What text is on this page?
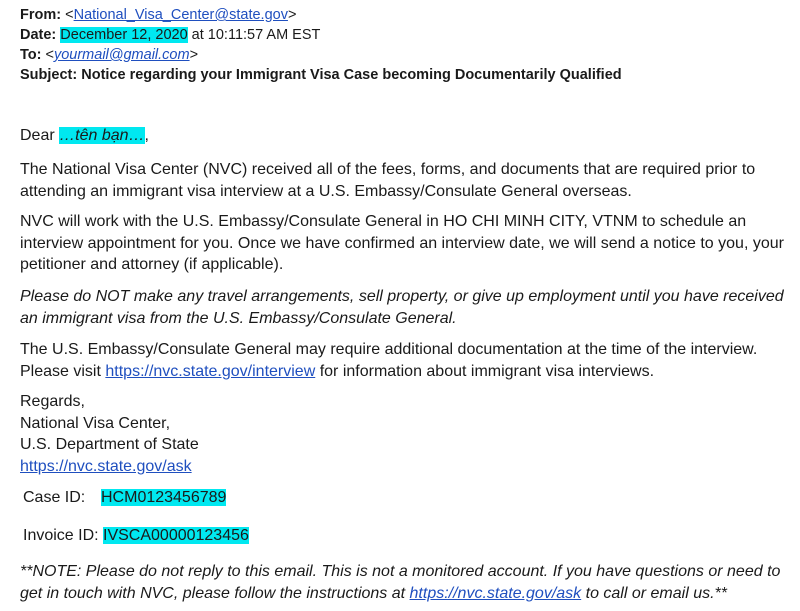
From: <National_Visa_Center@state.gov>
Date: December 12, 2020 at 10:11:57 AM EST
To: <yourmail@gmail.com>
Subject: Notice regarding your Immigrant Visa Case becoming Documentarily Qualified

Dear …tên bạn…,

The National Visa Center (NVC) received all of the fees, forms, and documents that are required prior to attending an immigrant visa interview at a U.S. Embassy/Consulate General overseas.

NVC will work with the U.S. Embassy/Consulate General in HO CHI MINH CITY, VTNM to schedule an interview appointment for you. Once we have confirmed an interview date, we will send a notice to you, your petitioner and attorney (if applicable).

Please do NOT make any travel arrangements, sell property, or give up employment until you have received an immigrant visa from the U.S. Embassy/Consulate General.

The U.S. Embassy/Consulate General may require additional documentation at the time of the interview. Please visit https://nvc.state.gov/interview for information about immigrant visa interviews.

Regards,
National Visa Center,
U.S. Department of State
https://nvc.state.gov/ask
Case ID: HCM0123456789
Invoice ID: IVSCA00000123456

**NOTE: Please do not reply to this email. This is not a monitored account. If you have questions or need to get in touch with NVC, please follow the instructions at https://nvc.state.gov/ask to call or email us.**
